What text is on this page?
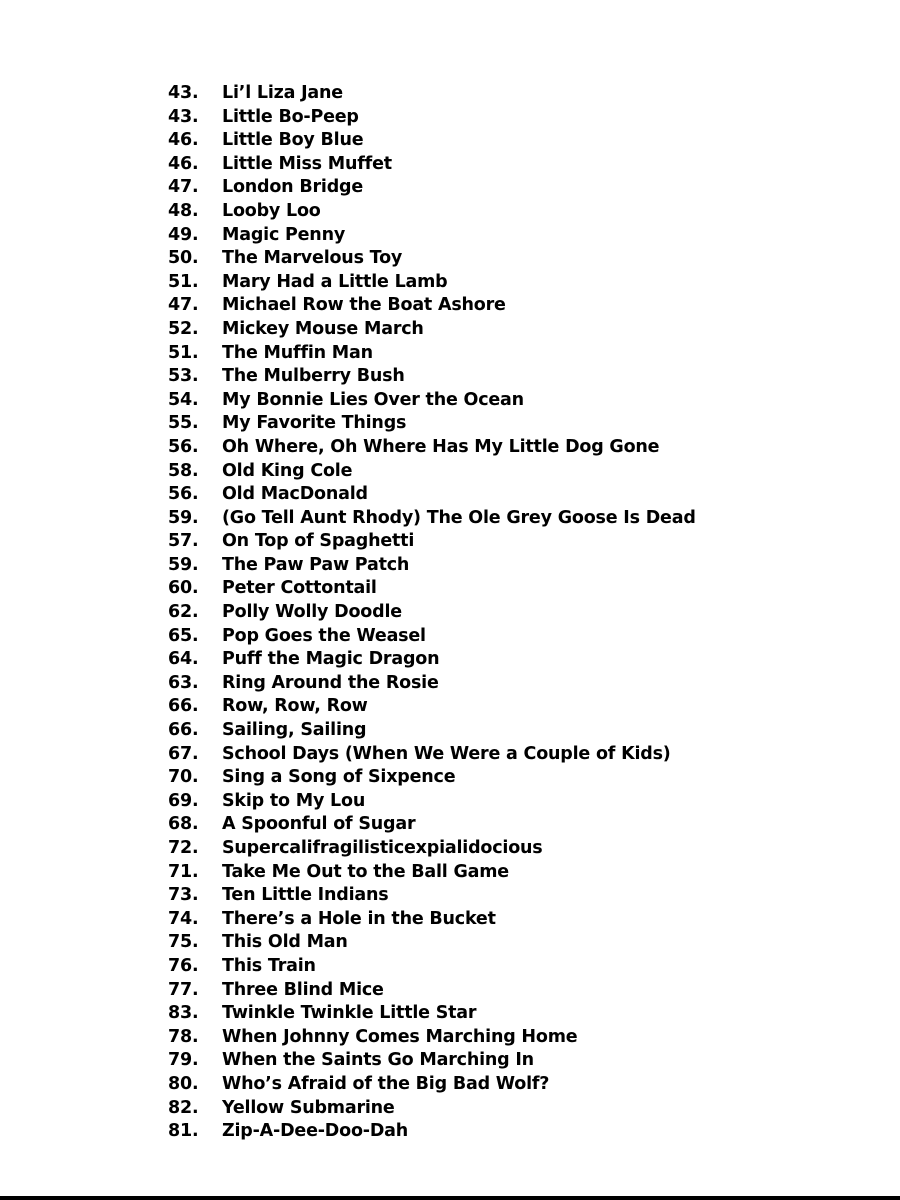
43.	Li’l Liza Jane
43.	Little Bo-Peep
46.	Little Boy Blue
46.	Little Miss Muffet
47.	London Bridge
48.	Looby Loo
49.	Magic Penny
50.	The Marvelous Toy
51.	Mary Had a Little Lamb
47.	Michael Row the Boat Ashore
52.	Mickey Mouse March
51.	The Muffin Man
53.	The Mulberry Bush
54.	My Bonnie Lies Over the Ocean
55.	My Favorite Things
56.	Oh Where, Oh Where Has My Little Dog Gone
58.	Old King Cole
56.	Old MacDonald
59.	(Go Tell Aunt Rhody) The Ole Grey Goose Is Dead
57.	On Top of Spaghetti
59.	The Paw Paw Patch
60.	Peter Cottontail
62.	Polly Wolly Doodle
65.	Pop Goes the Weasel
64.	Puff the Magic Dragon
63.	Ring Around the Rosie
66.	Row, Row, Row
66.	Sailing, Sailing
67.	School Days (When We Were a Couple of Kids)
70.	Sing a Song of Sixpence
69.	Skip to My Lou
68.	A Spoonful of Sugar
72.	Supercalifragilisticexpialidocious
71.	Take Me Out to the Ball Game
73.	Ten Little Indians
74.	There’s a Hole in the Bucket
75.	This Old Man
76.	This Train
77.	Three Blind Mice
83.	Twinkle Twinkle Little Star
78.	When Johnny Comes Marching Home
79.	When the Saints Go Marching In
80.	Who’s Afraid of the Big Bad Wolf?
82.	Yellow Submarine
81.	Zip-A-Dee-Doo-Dah
